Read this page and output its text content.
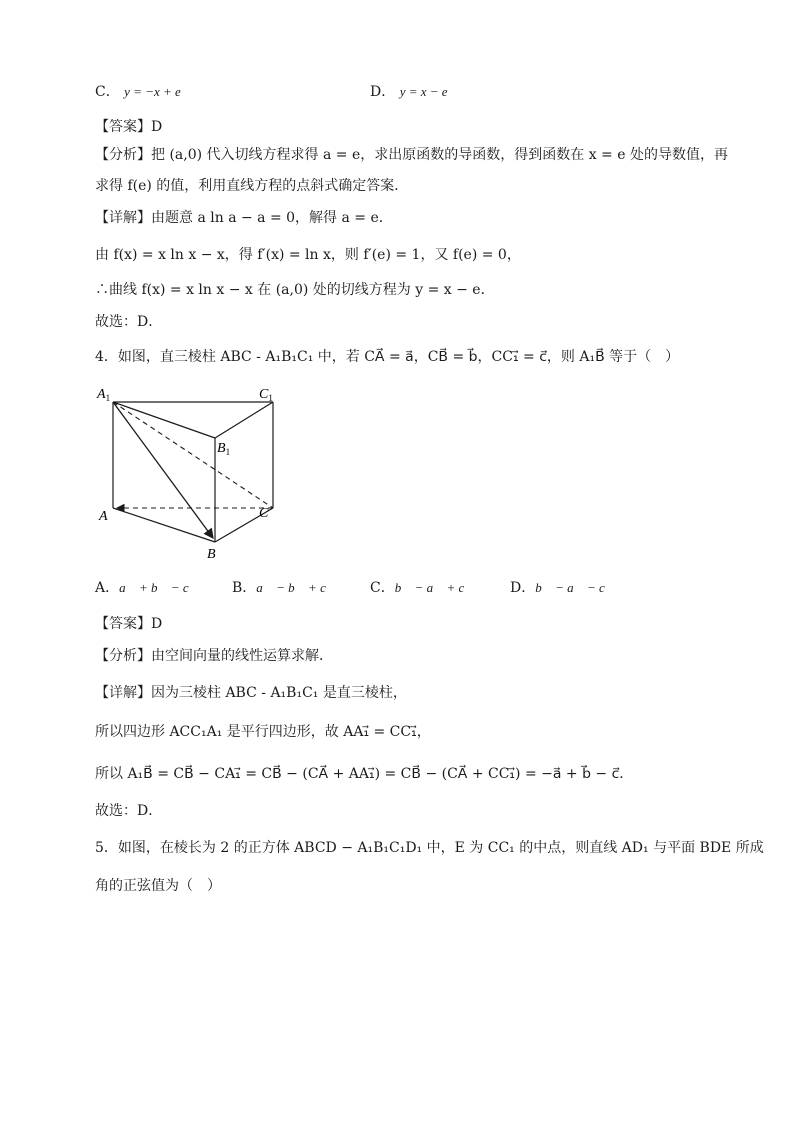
C． y = −x + e	D． y = x − e
【答案】D
【分析】把 (a,0) 代入切线方程求得 a = e，求出原函数的导函数，得到函数在 x = e 处的导数值，再
求得 f(e) 的值，利用直线方程的点斜式确定答案．
【详解】由题意 a ln a − a = 0，解得 a = e．
由 f(x) = x ln x − x，得 f′(x) = ln x，则 f′(e) = 1，又 f(e) = 0，
∴曲线 f(x) = x ln x − x 在 (a,0) 处的切线方程为 y = x − e．
故选：D．
4．如图，直三棱柱 ABC - A₁B₁C₁ 中，若 CA⃗ = a⃗，CB⃗ = b⃗，CC₁⃗ = c⃗，则 A₁B⃗ 等于（　）
$A_1$	$C_1$
$B_1$
A	C
B
A．a⃗ + b⃗ − c⃗ B．a⃗ − b⃗ + c⃗ C．b⃗ − a⃗ + c⃗	D．b⃗ − a⃗ − c⃗
【答案】D
【分析】由空间向量的线性运算求解．
【详解】因为三棱柱 ABC - A₁B₁C₁ 是直三棱柱，
所以四边形 ACC₁A₁ 是平行四边形，故 AA₁⃗ = CC₁⃗，
所以 A₁B⃗ = CB⃗ − CA₁⃗ = CB⃗ − (CA⃗ + AA₁⃗) = CB⃗ − (CA⃗ + CC₁⃗) = −a⃗ + b⃗ − c⃗．
故选：D．
5．如图，在棱长为 2 的正方体 ABCD − A₁B₁C₁D₁ 中，E 为 CC₁ 的中点，则直线 AD₁ 与平面 BDE 所成
角的正弦值为（　）
